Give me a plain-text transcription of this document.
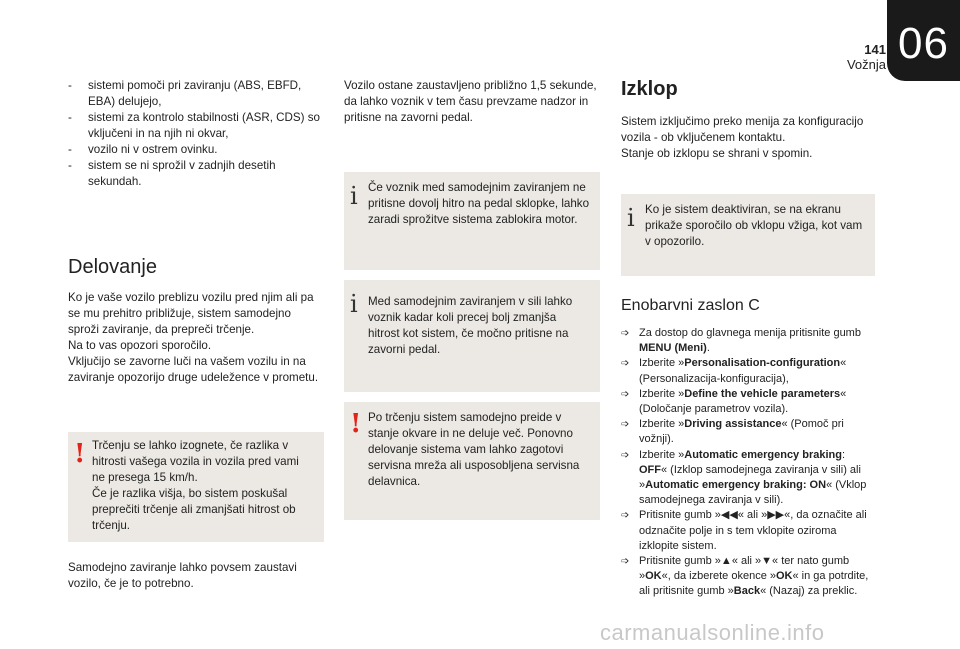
141
Vožnja 06
- sistemi pomoči pri zaviranju (ABS, EBFD, EBA) delujejo,
- sistemi za kontrolo stabilnosti (ASR, CDS) so vključeni in na njih ni okvar,
- vozilo ni v ostrem ovinku.
- sistem se ni sprožil v zadnjih desetih sekundah.
Delovanje

Ko je vaše vozilo preblizu vozilu pred njim ali pa se mu prehitro približuje, sistem samodejno sproži zaviranje, da prepreči trčenje.

Na to vas opozori sporočilo.

Vključijo se zavorne luči na vašem vozilu in na zaviranje opozorijo druge udeležence v prometu.

! Trčenju se lahko izognete, če razlika v hitrosti vašega vozila in vozila pred vami ne presega 15 km/h.

Če je razlika višja, bo sistem poskušal preprečiti trčenje ali zmanjšati hitrost ob trčenju.

Samodejno zaviranje lahko povsem zaustavi vozilo, če je to potrebno.

Vozilo ostane zaustavljeno približno 1,5 sekunde, da lahko voznik v tem času prevzame nadzor in pritisne na zavorni pedal.

i Če voznik med samodejnim zaviranjem ne pritisne dovolj hitro na pedal sklopke, lahko zaradi sprožitve sistema zablokira motor.

i Med samodejnim zaviranjem v sili lahko voznik kadar koli precej bolj zmanjša hitrost kot sistem, če močno pritisne na zavorni pedal.

! Po trčenju sistem samodejno preide v stanje okvare in ne deluje več. Ponovno delovanje sistema vam lahko zagotovi servisna mreža ali usposobljena servisna delavnica.

Izklop

Sistem izključimo preko menija za konfiguracijo vozila - ob vključenem kontaktu.

Stanje ob izklopu se shrani v spomin.

i Ko je sistem deaktiviran, se na ekranu prikaže sporočilo ob vklopu vžiga, kot vam v opozorilo.

Enobarvni zaslon C
➩ Za dostop do glavnega menija pritisnite gumb MENU (Meni).
➩ Izberite »Personalisation-configuration« (Personalizacija-konfiguracija),
➩ Izberite »Define the vehicle parameters« (Določanje parametrov vozila).
➩ Izberite »Driving assistance« (Pomoč pri vožnji).
➩ Izberite »Automatic emergency braking: OFF« (Izklop samodejnega zaviranja v sili) ali »Automatic emergency braking: ON« (Vklop samodejnega zaviranja v sili).
➩ Pritisnite gumb »◀◀« ali »▶▶«, da označite ali odznačite polje in s tem vklopite oziroma izklopite sistem.
➩ Pritisnite gumb »▲« ali »▼« ter nato gumb »OK«, da izberete okence »OK« in ga potrdite, ali pritisnite gumb »Back« (Nazaj) za preklic.
carmanualsonline.info
